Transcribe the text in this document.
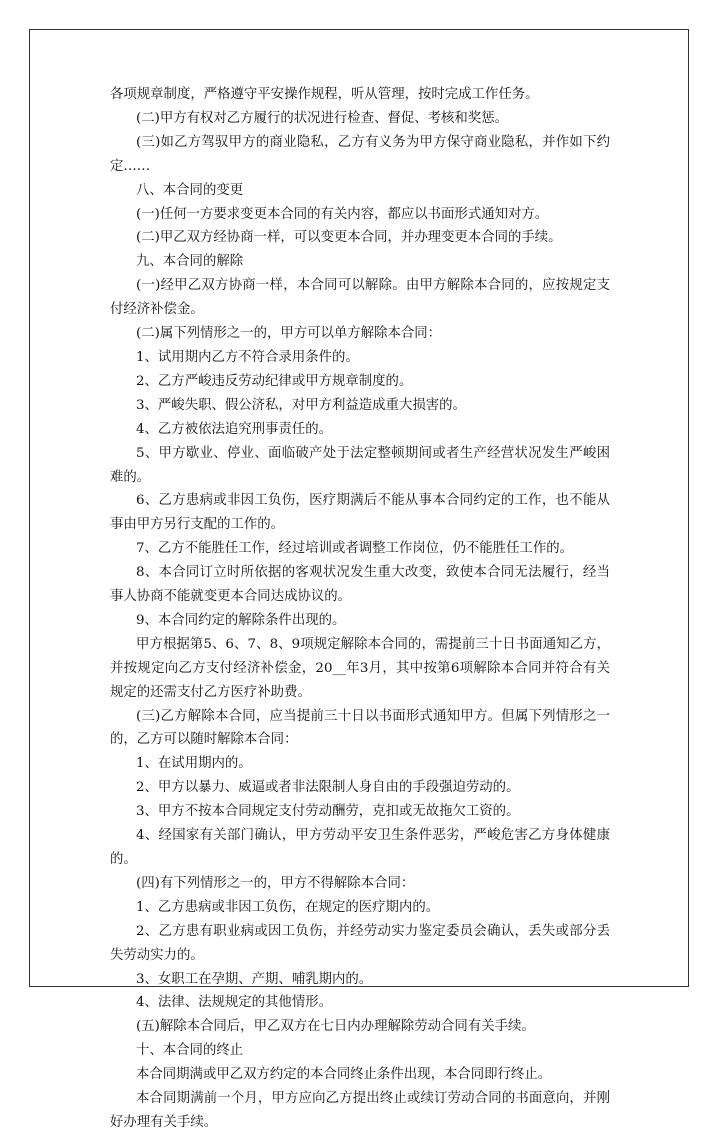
各项规章制度，严格遵守平安操作规程，听从管理，按时完成工作任务。

(二)甲方有权对乙方履行的状况进行检查、督促、考核和奖惩。

(三)如乙方驾驭甲方的商业隐私，乙方有义务为甲方保守商业隐私，并作如下约定……

八、本合同的变更

(一)任何一方要求变更本合同的有关内容，都应以书面形式通知对方。

(二)甲乙双方经协商一样，可以变更本合同，并办理变更本合同的手续。

九、本合同的解除

(一)经甲乙双方协商一样，本合同可以解除。由甲方解除本合同的，应按规定支付经济补偿金。

(二)属下列情形之一的，甲方可以单方解除本合同：

1、试用期内乙方不符合录用条件的。

2、乙方严峻违反劳动纪律或甲方规章制度的。

3、严峻失职、假公济私，对甲方利益造成重大损害的。

4、乙方被依法追究刑事责任的。

5、甲方歇业、停业、面临破产处于法定整顿期间或者生产经营状况发生严峻困难的。

6、乙方患病或非因工负伤，医疗期满后不能从事本合同约定的工作，也不能从事由甲方另行支配的工作的。

7、乙方不能胜任工作，经过培训或者调整工作岗位，仍不能胜任工作的。

8、本合同订立时所依据的客观状况发生重大改变，致使本合同无法履行，经当事人协商不能就变更本合同达成协议的。

9、本合同约定的解除条件出现的。

甲方根据第5、6、7、8、9项规定解除本合同的，需提前三十日书面通知乙方，并按规定向乙方支付经济补偿金，20__年3月，其中按第6项解除本合同并符合有关规定的还需支付乙方医疗补助费。

(三)乙方解除本合同，应当提前三十日以书面形式通知甲方。但属下列情形之一的，乙方可以随时解除本合同：

1、在试用期内的。

2、甲方以暴力、威逼或者非法限制人身自由的手段强迫劳动的。

3、甲方不按本合同规定支付劳动酬劳，克扣或无故拖欠工资的。

4、经国家有关部门确认，甲方劳动平安卫生条件恶劣，严峻危害乙方身体健康的。

(四)有下列情形之一的，甲方不得解除本合同：

1、乙方患病或非因工负伤，在规定的医疗期内的。

2、乙方患有职业病或因工负伤，并经劳动实力鉴定委员会确认，丢失或部分丢失劳动实力的。

3、女职工在孕期、产期、哺乳期内的。

4、法律、法规规定的其他情形。

(五)解除本合同后，甲乙双方在七日内办理解除劳动合同有关手续。

十、本合同的终止

本合同期满或甲乙双方约定的本合同终止条件出现，本合同即行终止。

本合同期满前一个月，甲方应向乙方提出终止或续订劳动合同的书面意向，并刚好办理有关手续。
